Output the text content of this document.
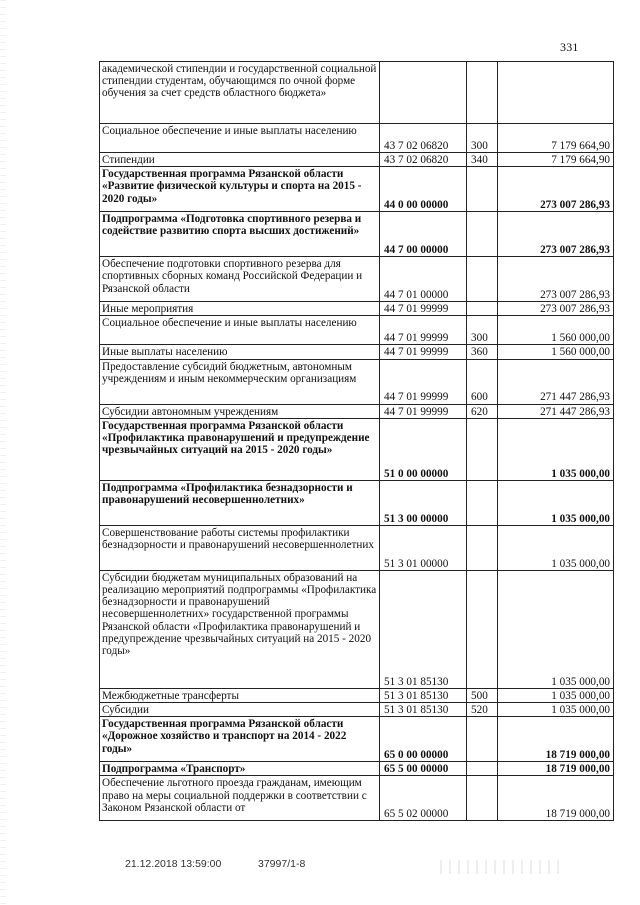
331
академической стипендии и государственной социальной стипендии студентам, обучающимся по очной форме обучения за счет средств областного бюджета»			
Социальное обеспечение и иные выплаты населению	43 7 02 06820	300	7 179 664,90
Стипендии	43 7 02 06820	340	7 179 664,90
Государственная программа Рязанской области «Развитие физической культуры и спорта на 2015 - 2020 годы»	44 0 00 00000		273 007 286,93
Подпрограмма «Подготовка спортивного резерва и содействие развитию спорта высших достижений»	44 7 00 00000		273 007 286,93
Обеспечение подготовки спортивного резерва для спортивных сборных команд Российской Федерации и Рязанской области	44 7 01 00000		273 007 286,93
Иные мероприятия	44 7 01 99999		273 007 286,93
Социальное обеспечение и иные выплаты населению	44 7 01 99999	300	1 560 000,00
Иные выплаты населению	44 7 01 99999	360	1 560 000,00
Предоставление субсидий бюджетным, автономным учреждениям и иным некоммерческим организациям	44 7 01 99999	600	271 447 286,93
Субсидии автономным учреждениям	44 7 01 99999	620	271 447 286,93
Государственная программа Рязанской области «Профилактика правонарушений и предупреждение чрезвычайных ситуаций на 2015 - 2020 годы»	51 0 00 00000		1 035 000,00
Подпрограмма «Профилактика безнадзорности и правонарушений несовершеннолетних»	51 3 00 00000		1 035 000,00
Совершенствование работы системы профилактики безнадзорности и правонарушений несовершеннолетних	51 3 01 00000		1 035 000,00
Субсидии бюджетам муниципальных образований на реализацию мероприятий подпрограммы «Профилактика безнадзорности и правонарушений несовершеннолетних» государственной программы Рязанской области «Профилактика правонарушений и предупреждение чрезвычайных ситуаций на 2015 - 2020 годы»	51 3 01 85130		1 035 000,00
Межбюджетные трансферты	51 3 01 85130	500	1 035 000,00
Субсидии	51 3 01 85130	520	1 035 000,00
Государственная программа Рязанской области «Дорожное хозяйство и транспорт на 2014 - 2022 годы»	65 0 00 00000		18 719 000,00
Подпрограмма «Транспорт»	65 5 00 00000		18 719 000,00
Обеспечение льготного проезда гражданам, имеющим право на меры социальной поддержки в соответствии с Законом Рязанской области от	65 5 02 00000		18 719 000,00
21.12.2018 13:59:00	37997/1-8
